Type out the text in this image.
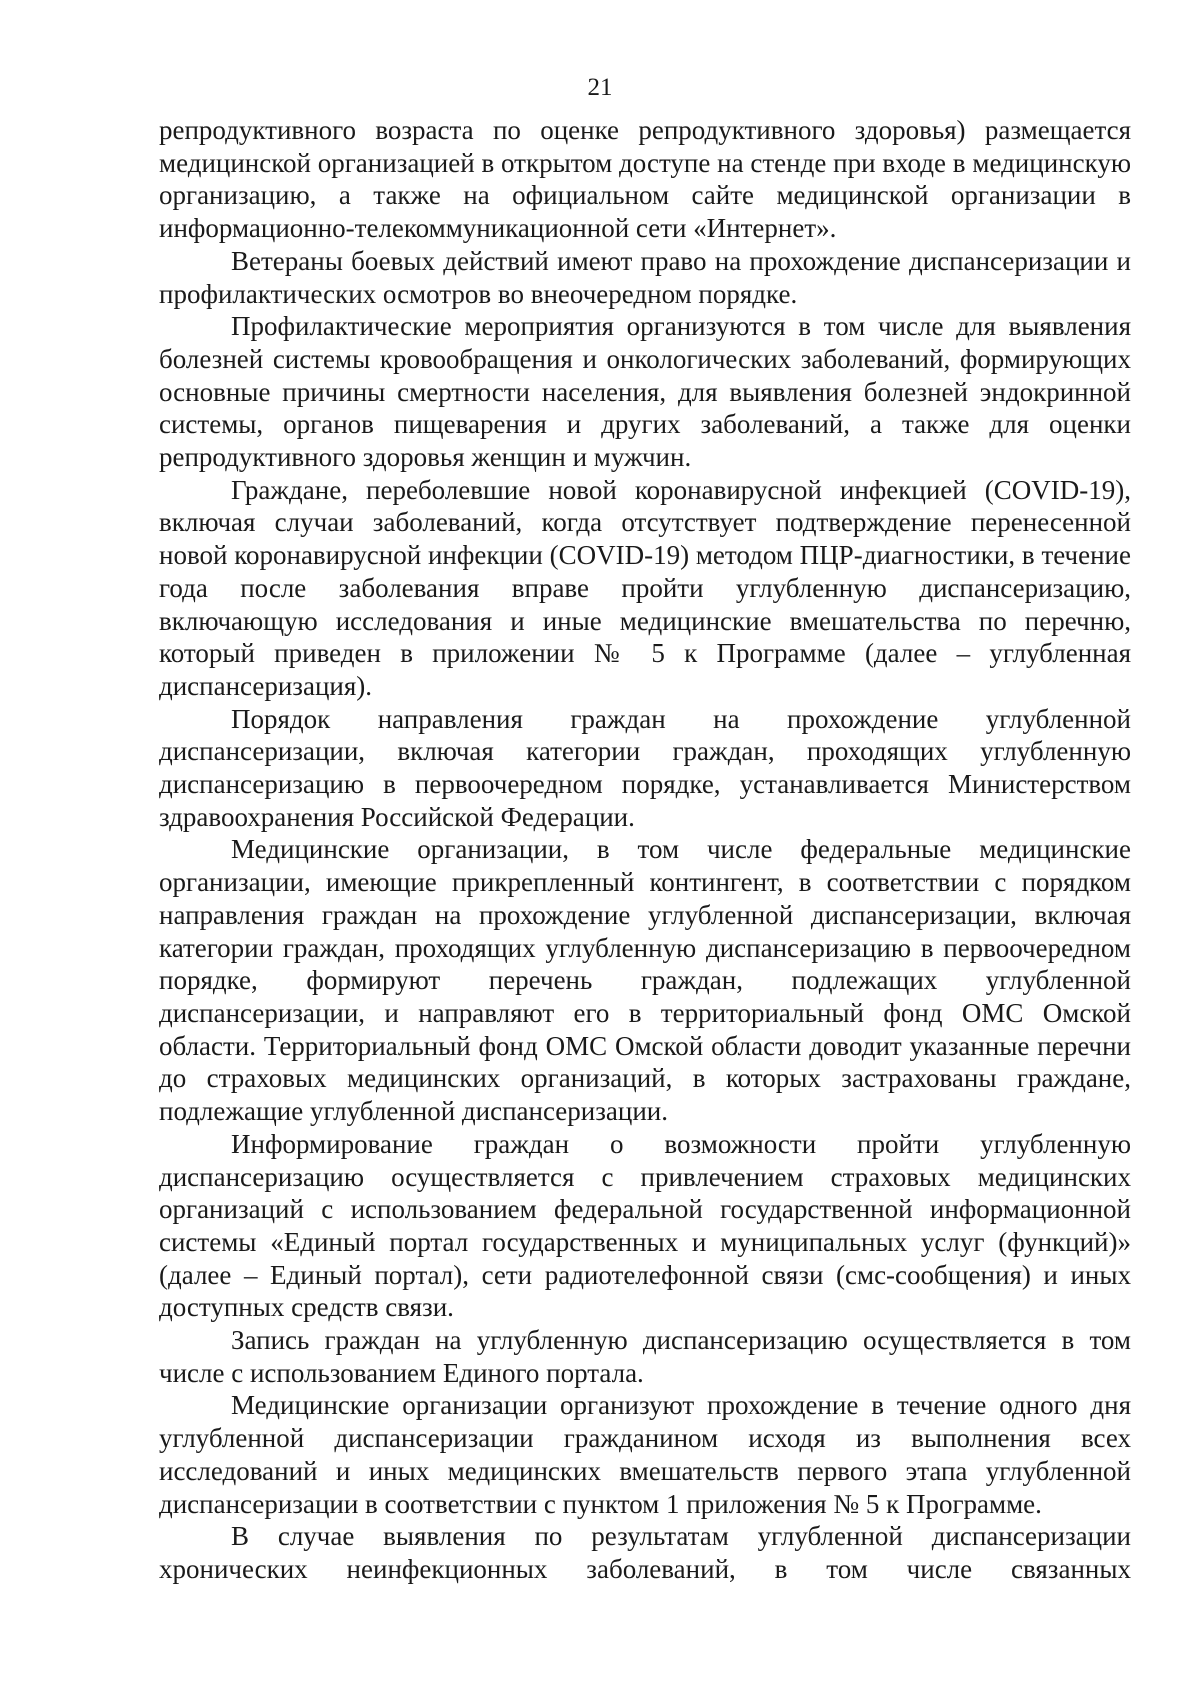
21

репродуктивного возраста по оценке репродуктивного здоровья) размещается медицинской организацией в открытом доступе на стенде при входе в медицинскую организацию, а также на официальном сайте медицинской организации в информационно-телекоммуникационной сети «Интернет».

Ветераны боевых действий имеют право на прохождение диспансеризации и профилактических осмотров во внеочередном порядке.

Профилактические мероприятия организуются в том числе для выявления болезней системы кровообращения и онкологических заболеваний, формирующих основные причины смертности населения, для выявления болезней эндокринной системы, органов пищеварения и других заболеваний, а также для оценки репродуктивного здоровья женщин и мужчин.

Граждане, переболевшие новой коронавирусной инфекцией (COVID-19), включая случаи заболеваний, когда отсутствует подтверждение перенесенной новой коронавирусной инфекции (COVID-19) методом ПЦР-диагностики, в течение года после заболевания вправе пройти углубленную диспансеризацию, включающую исследования и иные медицинские вмешательства по перечню, который приведен в приложении № 5 к Программе (далее – углубленная диспансеризация).

Порядок направления граждан на прохождение углубленной диспансеризации, включая категории граждан, проходящих углубленную диспансеризацию в первоочередном порядке, устанавливается Министерством здравоохранения Российской Федерации.

Медицинские организации, в том числе федеральные медицинские организации, имеющие прикрепленный контингент, в соответствии с порядком направления граждан на прохождение углубленной диспансеризации, включая категории граждан, проходящих углубленную диспансеризацию в первоочередном порядке, формируют перечень граждан, подлежащих углубленной диспансеризации, и направляют его в территориальный фонд ОМС Омской области. Территориальный фонд ОМС Омской области доводит указанные перечни до страховых медицинских организаций, в которых застрахованы граждане, подлежащие углубленной диспансеризации.

Информирование граждан о возможности пройти углубленную диспансеризацию осуществляется с привлечением страховых медицинских организаций с использованием федеральной государственной информационной системы «Единый портал государственных и муниципальных услуг (функций)» (далее – Единый портал), сети радиотелефонной связи (смс-сообщения) и иных доступных средств связи.

Запись граждан на углубленную диспансеризацию осуществляется в том числе с использованием Единого портала.

Медицинские организации организуют прохождение в течение одного дня углубленной диспансеризации гражданином исходя из выполнения всех исследований и иных медицинских вмешательств первого этапа углубленной диспансеризации в соответствии с пунктом 1 приложения № 5 к Программе.

В случае выявления по результатам углубленной диспансеризации хронических неинфекционных заболеваний, в том числе связанных
